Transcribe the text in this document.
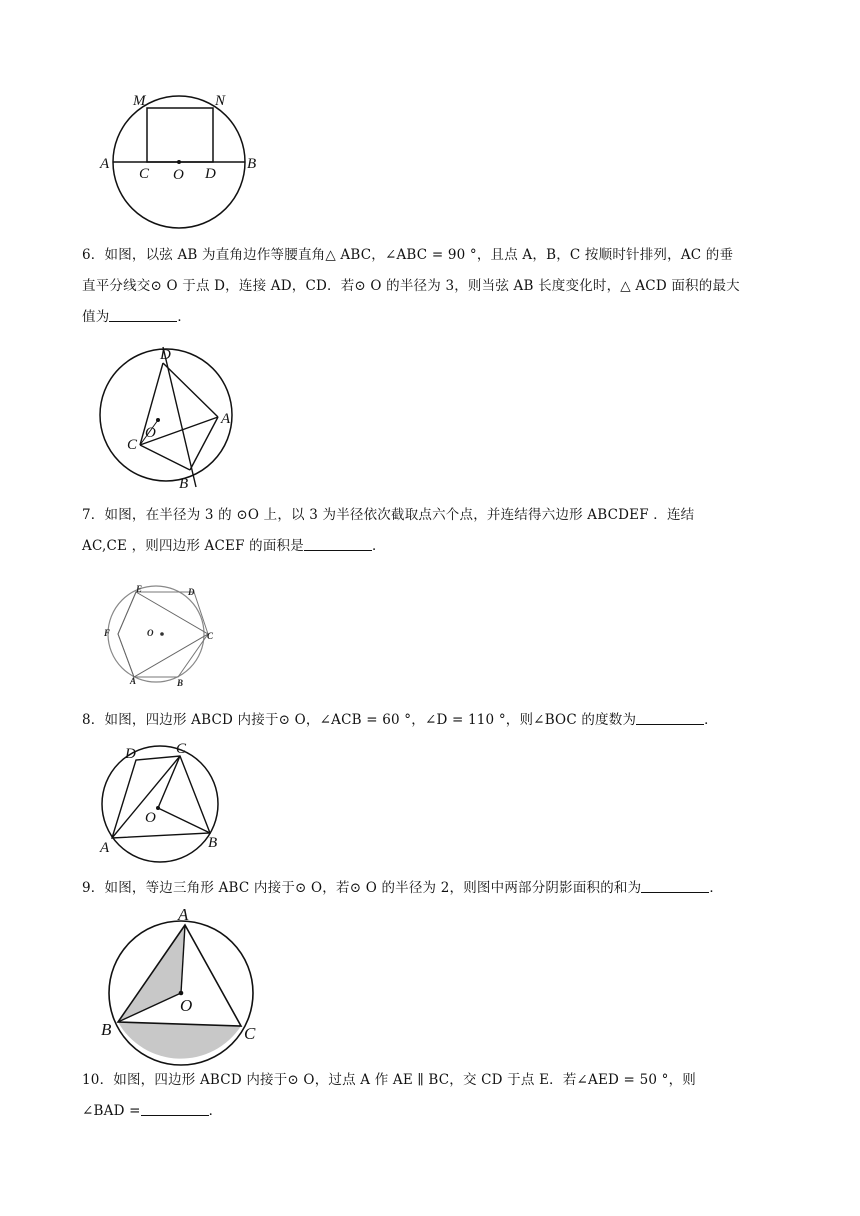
M	N
A	B
C O D
6．如图，以弦 AB 为直角边作等腰直角△ ABC，∠ABC = 90 °，且点 A，B，C 按顺时针排列，AC 的垂
直平分线交⊙ O 于点 D，连接 AD，CD．若⊙ O 的半径为 3，则当弦 AB 长度变化时，△ ACD 面积的最大
值为	．
D
A
O
C
B
7．如图，在半径为 3 的 ⊙O 上，以 3 为半径依次截取点六个点，并连结得六边形 ABCDEF ．连结
AC,CE ，则四边形 ACEF 的面积是	．
E	D
F	O	C
A	B
8．如图，四边形 ABCD 内接于⊙ O，∠ACB = 60 °，∠D = 110 °，则∠BOC 的度数为	．
D	C
O
A	B
9．如图，等边三角形 ABC 内接于⊙ O，若⊙ O 的半径为 2，则图中两部分阴影面积的和为	．
A
O
B	C
10．如图，四边形 ABCD 内接于⊙ O，过点 A 作 AE ∥ BC，交 CD 于点 E．若∠AED = 50 °，则
∠BAD =	．
